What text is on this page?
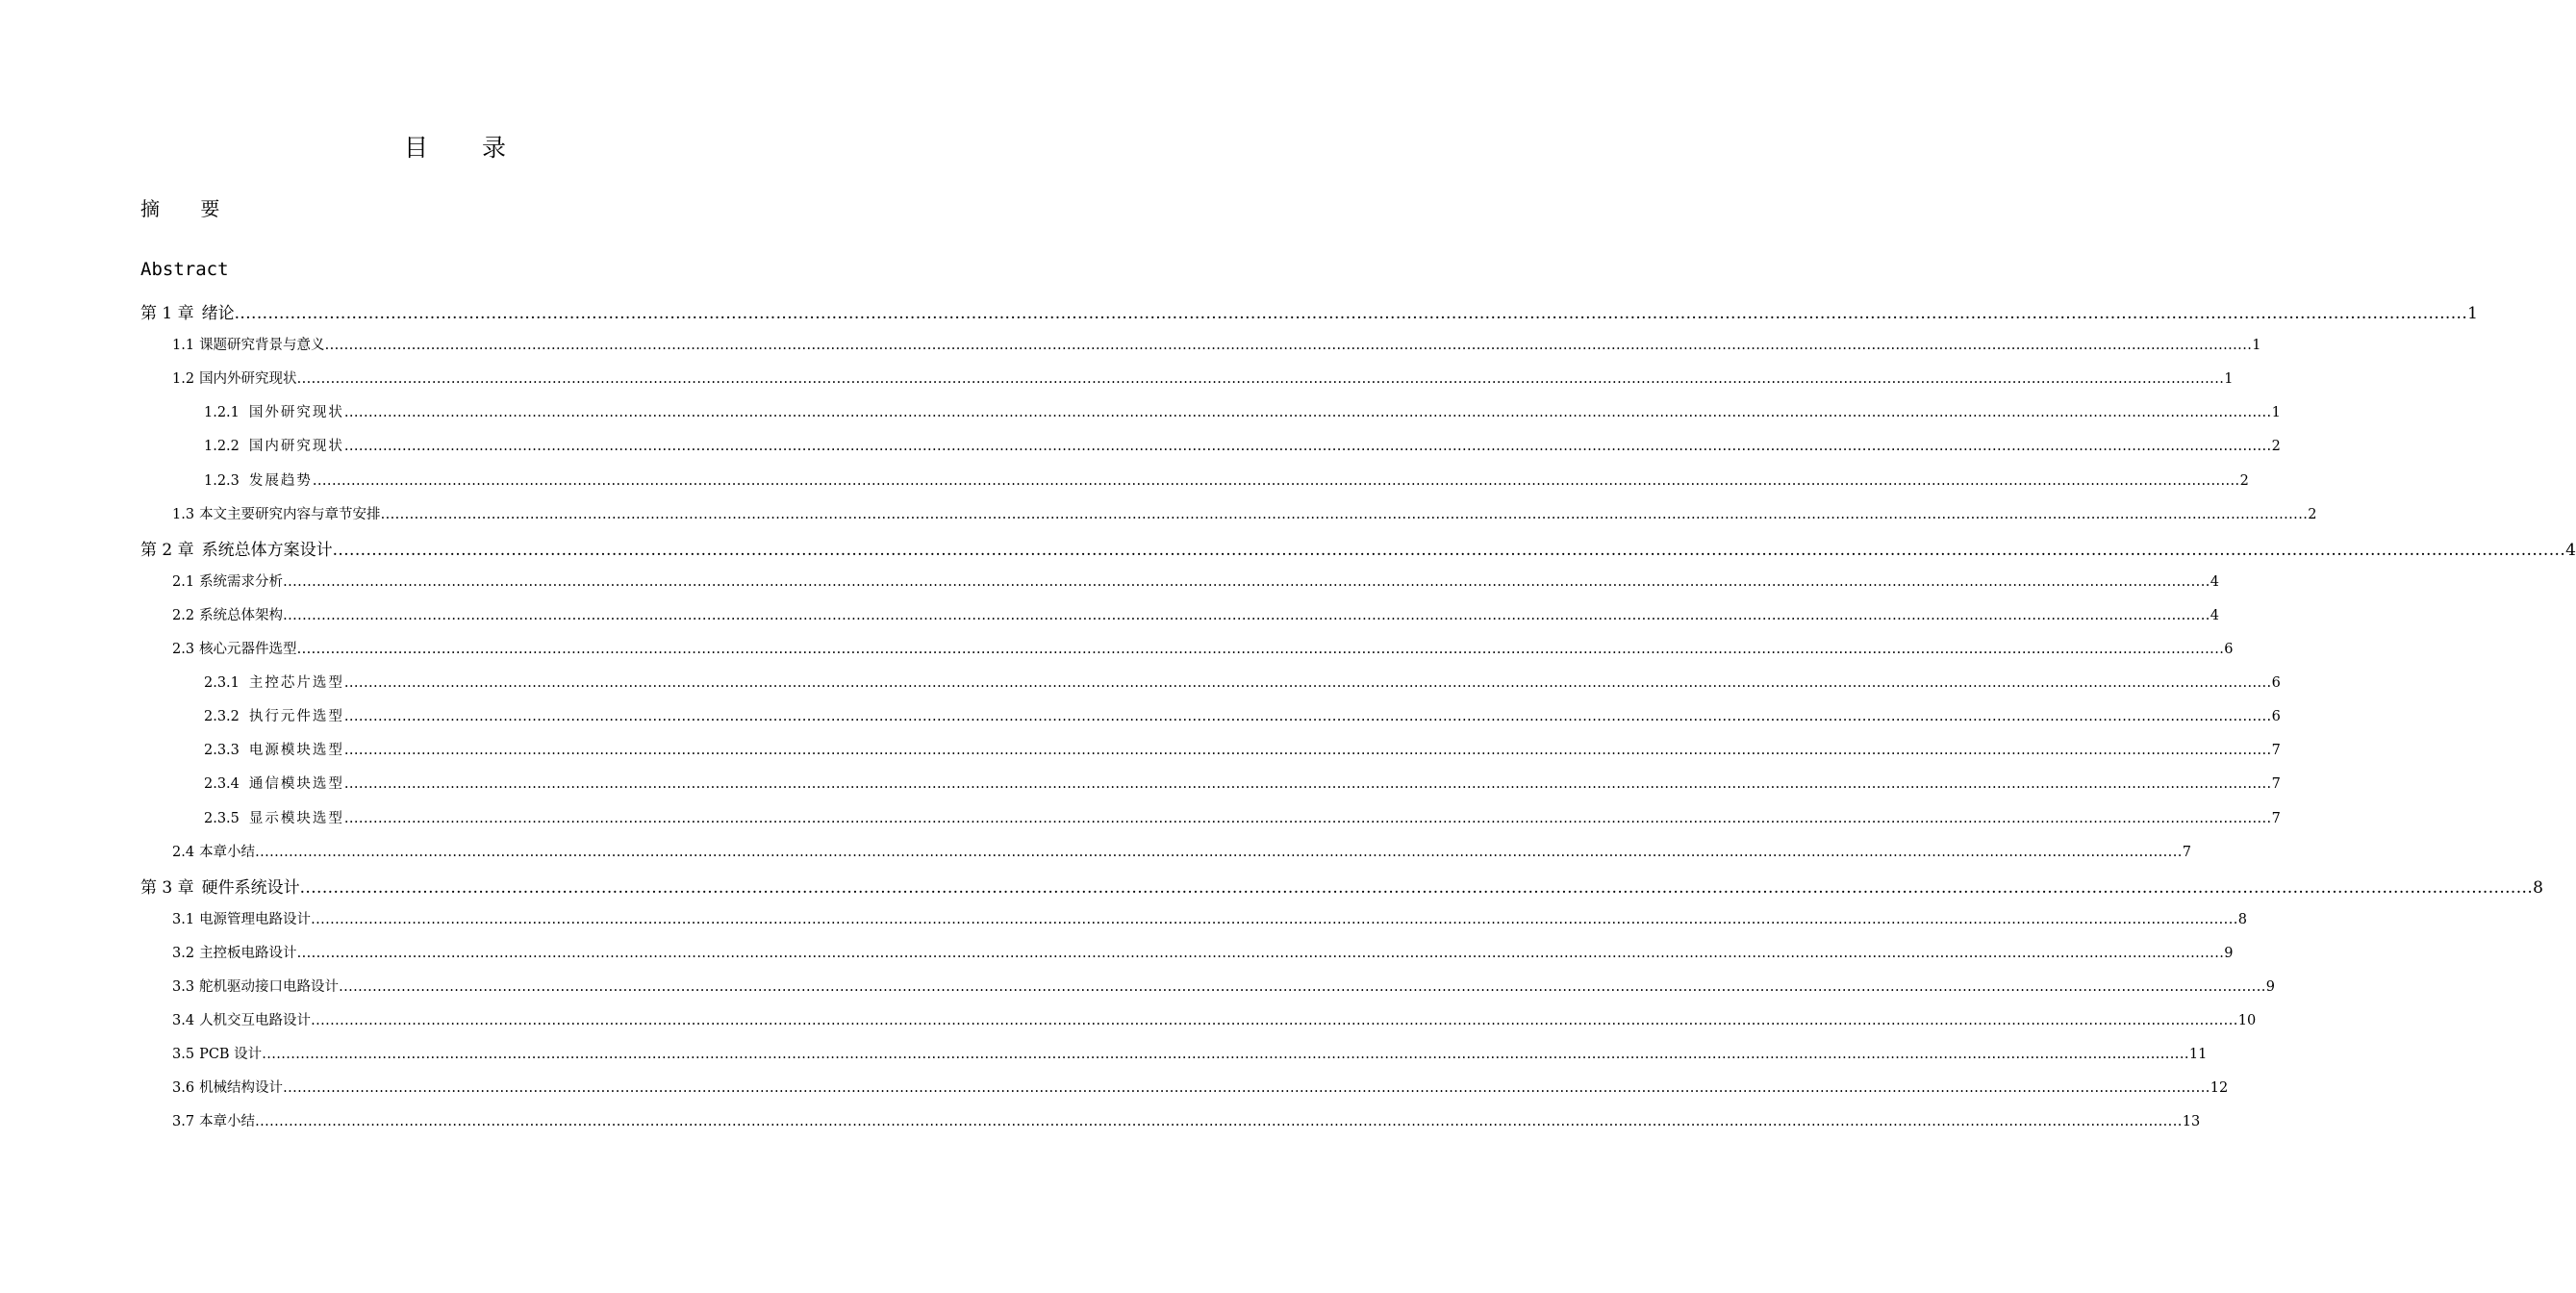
目 录
摘 要
Abstract
第 1 章 绪论 ................................................................................................................................................................................................................................................................................................................................................................................................................ 1
1.1 课题研究背景与意义 ................................................................................................................................................................................................................................................................................................................................................................................................................ 1
1.2 国内外研究现状 ................................................................................................................................................................................................................................................................................................................................................................................................................ 1
1.2.1 国外研究现状 ................................................................................................................................................................................................................................................................................................................................................................................................................ 1
1.2.2 国内研究现状 ................................................................................................................................................................................................................................................................................................................................................................................................................ 2
1.2.3 发展趋势 ................................................................................................................................................................................................................................................................................................................................................................................................................ 2
1.3 本文主要研究内容与章节安排 ................................................................................................................................................................................................................................................................................................................................................................................................................ 2
第 2 章 系统总体方案设计 ................................................................................................................................................................................................................................................................................................................................................................................................................ 4
2.1 系统需求分析 ................................................................................................................................................................................................................................................................................................................................................................................................................ 4
2.2 系统总体架构 ................................................................................................................................................................................................................................................................................................................................................................................................................ 4
2.3 核心元器件选型 ................................................................................................................................................................................................................................................................................................................................................................................................................ 6
2.3.1 主控芯片选型 ................................................................................................................................................................................................................................................................................................................................................................................................................ 6
2.3.2 执行元件选型 ................................................................................................................................................................................................................................................................................................................................................................................................................ 6
2.3.3 电源模块选型 ................................................................................................................................................................................................................................................................................................................................................................................................................ 7
2.3.4 通信模块选型 ................................................................................................................................................................................................................................................................................................................................................................................................................ 7
2.3.5 显示模块选型 ................................................................................................................................................................................................................................................................................................................................................................................................................ 7
2.4 本章小结 ................................................................................................................................................................................................................................................................................................................................................................................................................ 7
第 3 章 硬件系统设计 ................................................................................................................................................................................................................................................................................................................................................................................................................ 8
3.1 电源管理电路设计 ................................................................................................................................................................................................................................................................................................................................................................................................................ 8
3.2 主控板电路设计 ................................................................................................................................................................................................................................................................................................................................................................................................................ 9
3.3 舵机驱动接口电路设计 ................................................................................................................................................................................................................................................................................................................................................................................................................ 9
3.4 人机交互电路设计 ................................................................................................................................................................................................................................................................................................................................................................................................................ 10
3.5 PCB 设计 ................................................................................................................................................................................................................................................................................................................................................................................................................ 11
3.6 机械结构设计 ................................................................................................................................................................................................................................................................................................................................................................................................................ 12
3.7 本章小结 ................................................................................................................................................................................................................................................................................................................................................................................................................ 13
